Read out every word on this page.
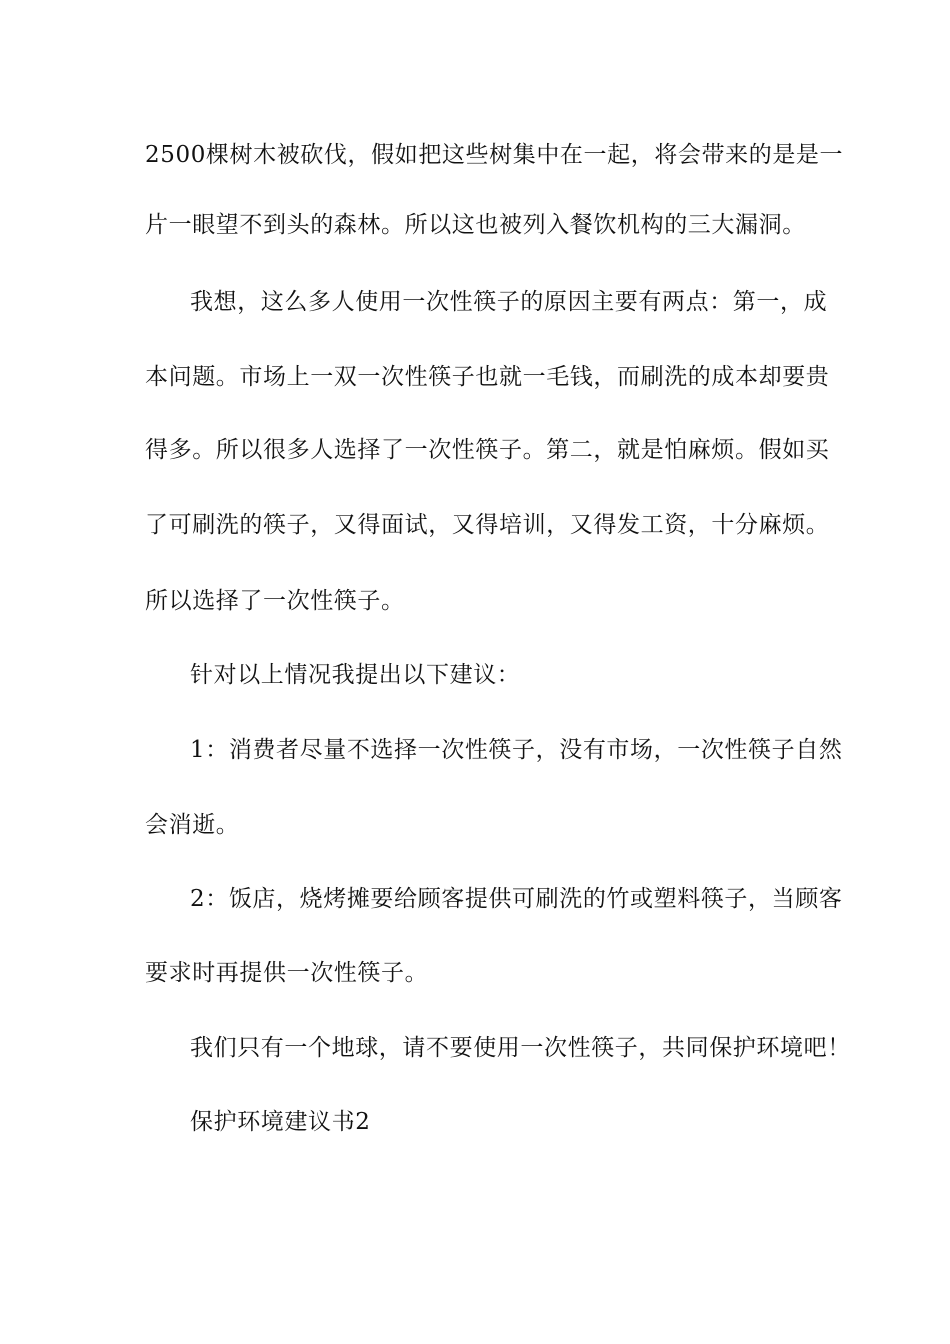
2500棵树木被砍伐，假如把这些树集中在一起，将会带来的是是一
片一眼望不到头的森林。所以这也被列入餐饮机构的三大漏洞。
我想，这么多人使用一次性筷子的原因主要有两点：第一，成
本问题。市场上一双一次性筷子也就一毛钱，而刷洗的成本却要贵
得多。所以很多人选择了一次性筷子。第二，就是怕麻烦。假如买
了可刷洗的筷子，又得面试，又得培训，又得发工资，十分麻烦。
所以选择了一次性筷子。
针对以上情况我提出以下建议：
1：消费者尽量不选择一次性筷子，没有市场，一次性筷子自然
会消逝。
2：饭店，烧烤摊要给顾客提供可刷洗的竹或塑料筷子，当顾客
要求时再提供一次性筷子。
我们只有一个地球，请不要使用一次性筷子，共同保护环境吧！
保护环境建议书2
